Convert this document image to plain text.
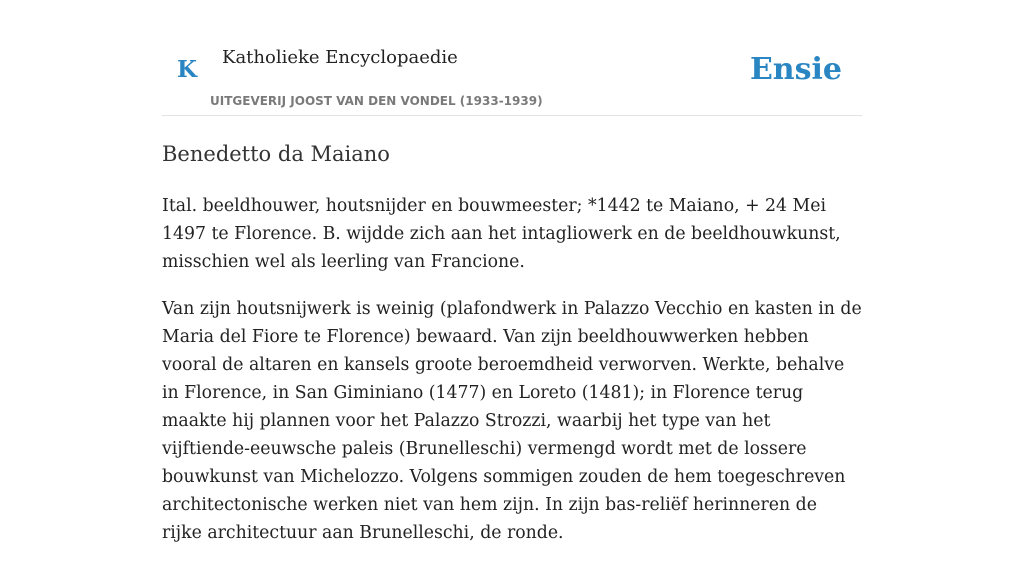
K Katholieke Encyclopaedie
UITGEVERIJ JOOST VAN DEN VONDEL (1933-1939)
Ensie
Benedetto da Maiano

Ital. beeldhouwer, houtsnijder en bouwmeester; *1442 te Maiano, + 24 Mei 1497 te Florence. B. wijdde zich aan het intagliowerk en de beeldhouwkunst, misschien wel als leerling van Francione.

Van zijn houtsnijwerk is weinig (plafondwerk in Palazzo Vecchio en kasten in de Maria del Fiore te Florence) bewaard. Van zijn beeldhouwwerken hebben vooral de altaren en kansels groote beroemdheid verworven. Werkte, behalve in Florence, in San Giminiano (1477) en Loreto (1481); in Florence terug maakte hij plannen voor het Palazzo Strozzi, waarbij het type van het vijftiende-eeuwsche paleis (Brunelleschi) vermengd wordt met de lossere bouwkunst van Michelozzo. Volgens sommigen zouden de hem toegeschreven architectonische werken niet van hem zijn. In zijn bas-reliëf herinneren de rijke architectuur aan Brunelleschi, de ronde.
